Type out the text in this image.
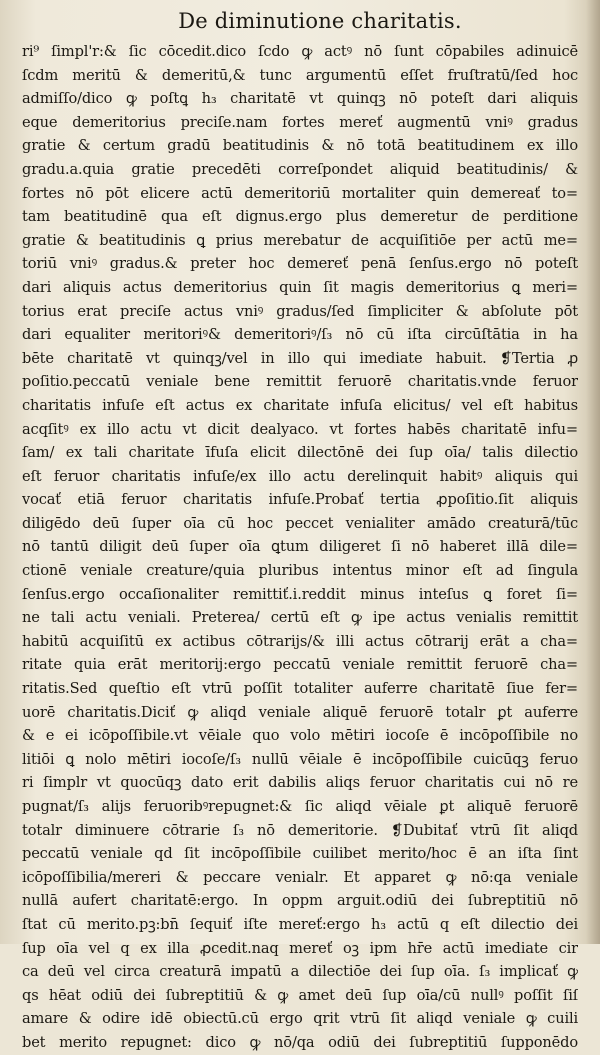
De diminutione charitatis.
ri⁹ ſimpl'r:& ſic cōcedit.dico ſcdo ꝙ actꝰ nō ſunt cōpabiles adinuicē
ſcdm meritū & demeritū,& tunc argumentū eſſet fruſtratū/ſed hoc
admiſſo/dico ꝙ poſtꝗ h₃ charitatē vt quinqꝫ nō poteſt dari aliquis
eque demeritorius preciſe.nam fortes mereť augmentū vniꝰ gradus
gratie & certum gradū beatitudinis & nō totā beatitudinem ex illo
gradu.a.quia gratie precedēti correſpondet aliquid beatitudinis/ &
fortes nō pōt elicere actū demeritoriū mortaliter quin demereať to=
tam beatitudinē qua eſt dignus.ergo plus demeretur de perditione
gratie & beatitudinis ꝗ prius merebatur de acquiſitiōe per actū me=
toriū vniꝰ gradus.& preter hoc demereť penā ſenſus.ergo nō poteſt
dari aliquis actus demeritorius quin ſit magis demeritorius ꝗ meri=
torius erat preciſe actus vniꝰ gradus/ſed ſimpliciter & abſolute pōt
dari equaliter meritoriꝰ& demeritoriꝰ/ſ₃ nō cū iſta circūſtātia in ha
bēte charitatē vt quinqꝫ/vel in illo qui imediate habuit. ❡Tertia ꝓ
poſitio.peccatū veniale bene remittit feruorē charitatis.vnde feruor
charitatis infuſe eſt actus ex charitate infuſa elicitus/ vel eſt habitus
acqſitꝰ ex illo actu vt dicit dealyaco. vt fortes habēs charitatē infu=
ſam/ ex tali charitate īfuſa elicit dilectōnē dei ſup oīa/ talis dilectio
eſt feruor charitatis infuſe/ex illo actu derelinquit habitꝰ aliquis qui
vocať etiā feruor charitatis infuſe.Probať tertia ꝓpoſitio.ſit aliquis
diligēdo deū ſuper oīa cū hoc peccet venialiter amādo creaturā/tūc
nō tantū diligit deū ſuper oīa ꝗtum diligeret ſi nō haberet illā dile=
ctionē veniale creature/quia pluribus intentus minor eſt ad ſingula
ſenſus.ergo occaſionaliter remittiť.i.reddit minus inteſus ꝗ foret ſi=
ne tali actu veniali. Preterea/ certū eſt ꝙ ipe actus venialis remittit
habitū acquiſitū ex actibus cōtrarijs/& illi actus cōtrarij erāt a cha=
ritate quia erāt meritorij:ergo peccatū veniale remittit feruorē cha=
ritatis.Sed queſtio eſt vtrū poſſit totaliter auferre charitatē ſiue fer=
uorē charitatis.Diciť ꝙ aliqd veniale aliquē feruorē totalr ꝑt auferre
& e ei icōpoſſibile.vt vēiale quo volo mētiri iocoſe ē incōpoſſibile no
litiōi ꝗ nolo mētiri iocoſe/ſ₃ nullū vēiale ē incōpoſſibile cuicūqꝫ feruo
ri ſimplr vt quocūqꝫ dato erit dabilis aliqs feruor charitatis cui nō re
pugnat/ſ₃ alijs feruoribꝰrepugnet:& ſic aliqd vēiale ꝑt aliquē feruorē
totalr diminuere cōtrarie ſ₃ nō demeritorie. ❡Dubitať vtrū ſit aliqd
peccatū veniale qd ſit incōpoſſibile cuilibet merito/hoc ē an iſta ſint
icōpoſſibilia/mereri & peccare venialr. Et apparet ꝙ nō:qa veniale
nullā aufert charitatē:ergo. In oppm arguit.odiū dei ſubreptitiū nō
ſtat cū merito.pꝫ:bn̄ ſequiť iſte mereť:ergo h₃ actū q eſt dilectio dei
ſup oīa vel q ex illa ꝓcedit.naq mereť oꝫ ipm hr̄e actū imediate cir
ca deū vel circa creaturā impatū a dilectiōe dei ſup oīa. ſ₃ implicať ꝙ
qs hēat odiū dei ſubreptitiū & ꝙ amet deū ſup oīa/cū nullꝰ poſſit ſiſ
amare & odire idē obiectū.cū ergo qrit vtrū ſit aliqd veniale ꝙ cuili
bet merito repugnet: dico ꝙ nō/qa odiū dei ſubreptitiū ſupponēdo
